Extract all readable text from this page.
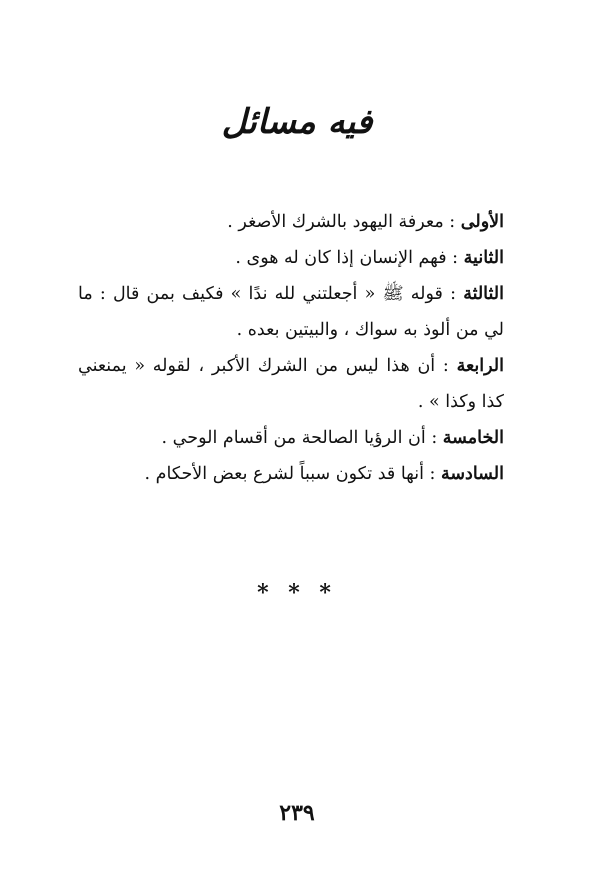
فيه مسائل
الأولى : معرفة اليهود بالشرك الأصغر .
الثانية : فهم الإنسان إذا كان له هوى .
الثالثة : قوله ﷺ « أجعلتني لله ندًا » فكيف بمن قال : ما لي من ألوذ به سواك ، والبيتين بعده .
الرابعة : أن هذا ليس من الشرك الأكبر ، لقوله « يمنعني كذا وكذا » .
الخامسة : أن الرؤيا الصالحة من أقسام الوحي .
السادسة : أنها قد تكون سبباً لشرع بعض الأحكام .
* * *
٢٣٩
